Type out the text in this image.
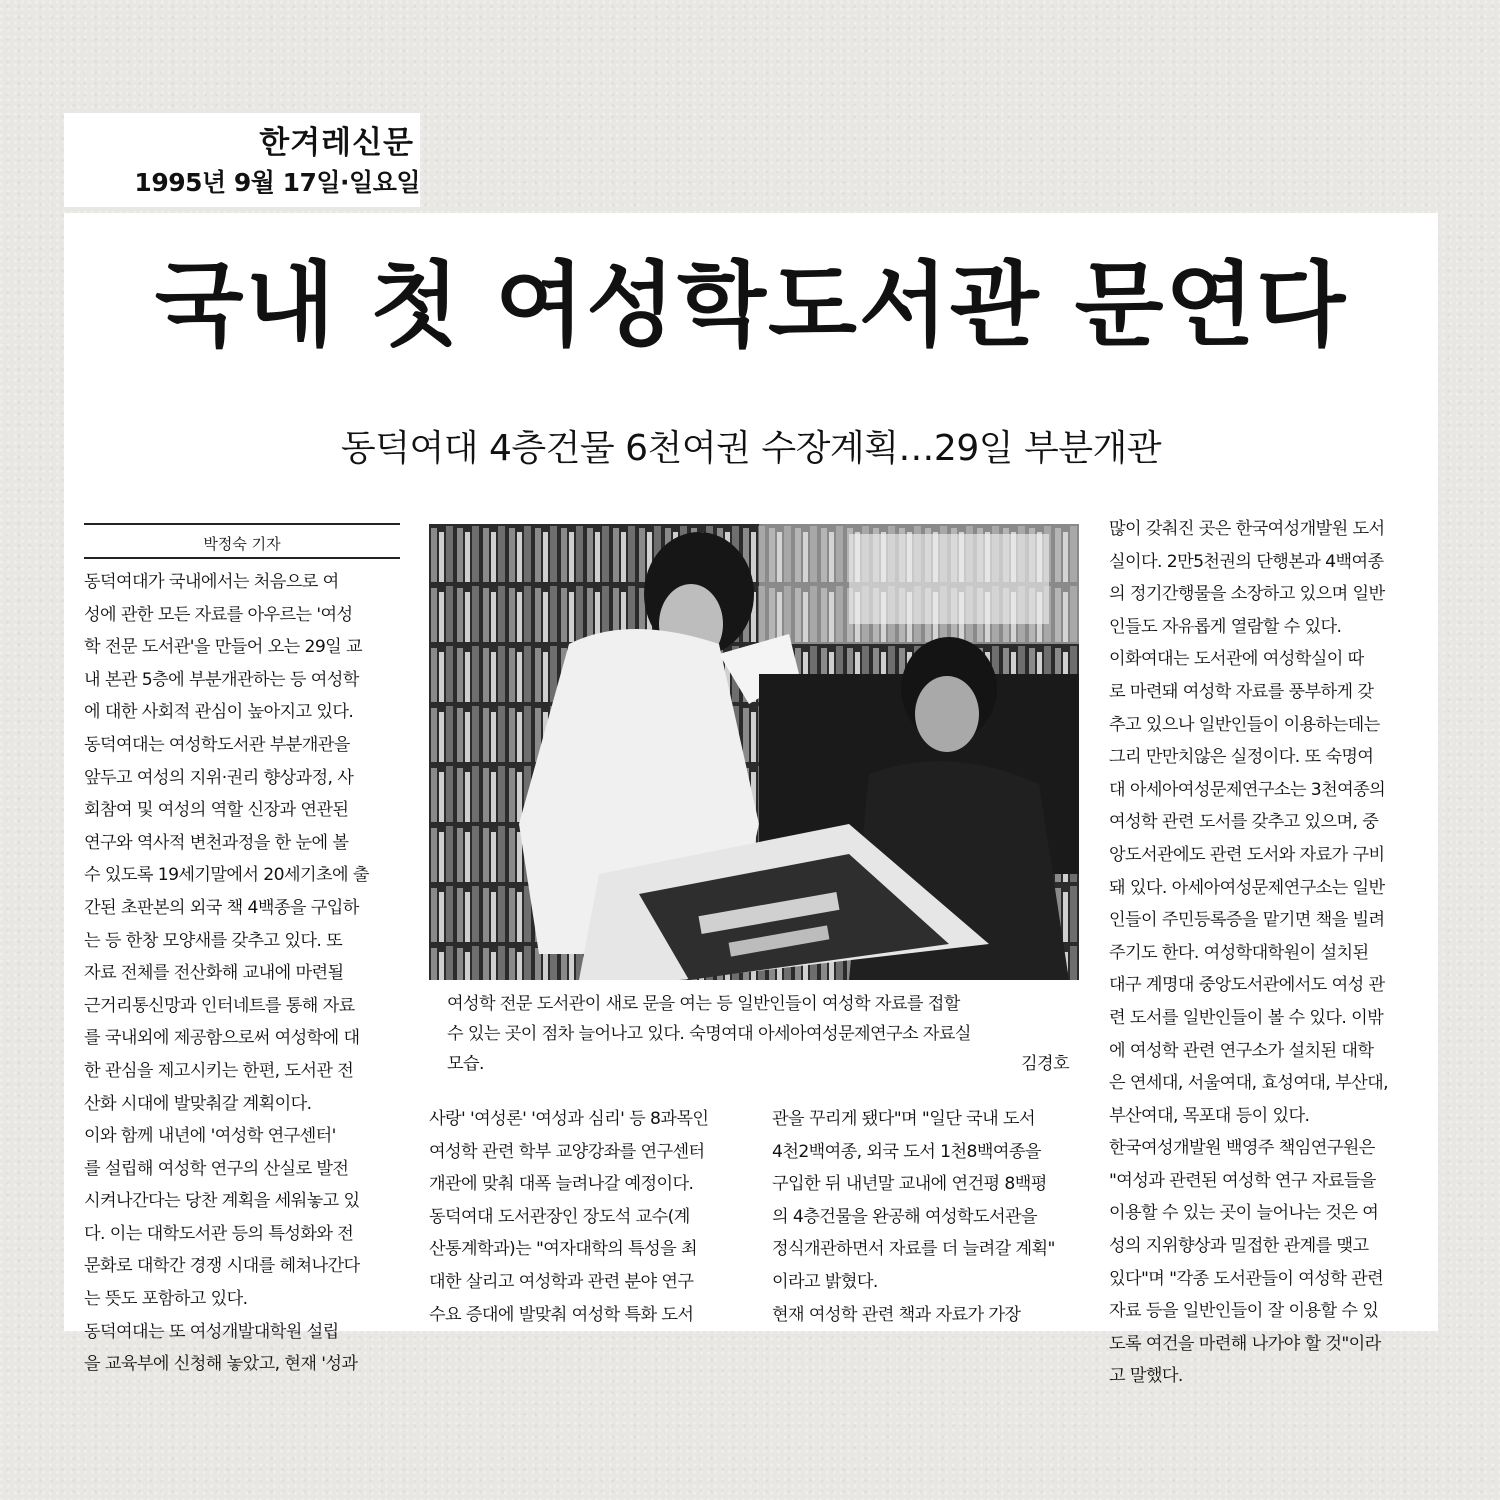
한겨레신문
1995년 9월 17일·일요일
국내 첫 여성학도서관 문연다
동덕여대 4층건물 6천여권 수장계획…29일 부분개관
박정숙 기자
동덕여대가 국내에서는 처음으로 여
성에 관한 모든 자료를 아우르는 '여성
학 전문 도서관'을 만들어 오는 29일 교
내 본관 5층에 부분개관하는 등 여성학
에 대한 사회적 관심이 높아지고 있다.
동덕여대는 여성학도서관 부분개관을
앞두고 여성의 지위·권리 향상과정, 사
회참여 및 여성의 역할 신장과 연관된
연구와 역사적 변천과정을 한 눈에 볼
수 있도록 19세기말에서 20세기초에 출
간된 초판본의 외국 책 4백종을 구입하
는 등 한창 모양새를 갖추고 있다. 또
자료 전체를 전산화해 교내에 마련될
근거리통신망과 인터네트를 통해 자료
를 국내외에 제공함으로써 여성학에 대
한 관심을 제고시키는 한편, 도서관 전
산화 시대에 발맞춰갈 계획이다.
이와 함께 내년에 '여성학 연구센터'
를 설립해 여성학 연구의 산실로 발전
시켜나간다는 당찬 계획을 세워놓고 있
다. 이는 대학도서관 등의 특성화와 전
문화로 대학간 경쟁 시대를 헤쳐나간다
는 뜻도 포함하고 있다.
동덕여대는 또 여성개발대학원 설립
을 교육부에 신청해 놓았고, 현재 '성과
여성학 전문 도서관이 새로 문을 여는 등 일반인들이 여성학 자료를 접할
수 있는 곳이 점차 늘어나고 있다. 숙명여대 아세아여성문제연구소 자료실
모습.	김경호
사랑' '여성론' '여성과 심리' 등 8과목인
여성학 관련 학부 교양강좌를 연구센터
개관에 맞춰 대폭 늘려나갈 예정이다.
동덕여대 도서관장인 장도석 교수(계
산통계학과)는 "여자대학의 특성을 최
대한 살리고 여성학과 관련 분야 연구
수요 증대에 발맞춰 여성학 특화 도서
관을 꾸리게 됐다"며 "일단 국내 도서
4천2백여종, 외국 도서 1천8백여종을
구입한 뒤 내년말 교내에 연건평 8백평
의 4층건물을 완공해 여성학도서관을
정식개관하면서 자료를 더 늘려갈 계획"
이라고 밝혔다.
현재 여성학 관련 책과 자료가 가장
많이 갖춰진 곳은 한국여성개발원 도서
실이다. 2만5천권의 단행본과 4백여종
의 정기간행물을 소장하고 있으며 일반
인들도 자유롭게 열람할 수 있다.
이화여대는 도서관에 여성학실이 따
로 마련돼 여성학 자료를 풍부하게 갖
추고 있으나 일반인들이 이용하는데는
그리 만만치않은 실정이다. 또 숙명여
대 아세아여성문제연구소는 3천여종의
여성학 관련 도서를 갖추고 있으며, 중
앙도서관에도 관련 도서와 자료가 구비
돼 있다. 아세아여성문제연구소는 일반
인들이 주민등록증을 맡기면 책을 빌려
주기도 한다. 여성학대학원이 설치된
대구 계명대 중앙도서관에서도 여성 관
련 도서를 일반인들이 볼 수 있다. 이밖
에 여성학 관련 연구소가 설치된 대학
은 연세대, 서울여대, 효성여대, 부산대,
부산여대, 목포대 등이 있다.
한국여성개발원 백영주 책임연구원은
"여성과 관련된 여성학 연구 자료들을
이용할 수 있는 곳이 늘어나는 것은 여
성의 지위향상과 밀접한 관계를 맺고
있다"며 "각종 도서관들이 여성학 관련
자료 등을 일반인들이 잘 이용할 수 있
도록 여건을 마련해 나가야 할 것"이라
고 말했다.
